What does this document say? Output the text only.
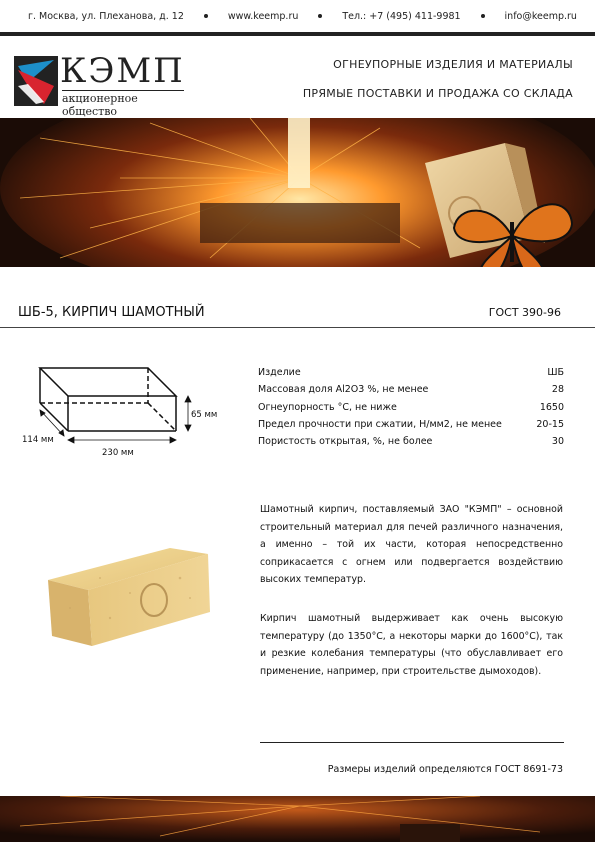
г. Москва, ул. Плеханова, д. 12	www.keemp.ru	Тел.: +7 (495) 411-9981	info@keemp.ru
КЭМП
акционерное общество
ОГНЕУПОРНЫЕ ИЗДЕЛИЯ И МАТЕРИАЛЫ
ПРЯМЫЕ ПОСТАВКИ И ПРОДАЖА СО СКЛАДА
ШБ-5, КИРПИЧ ШАМОТНЫЙ	ГОСТ 390-96
65 мм
114 мм
230 мм
Изделие	ШБ
Массовая доля Al2O3 %, не менее	28
Огнеупорность °С, не ниже	1650
Предел прочности при сжатии, Н/мм2, не менее	20-15
Пористость открытая, %, не более	30
Шамотный кирпич, поставляемый ЗАО "КЭМП" – основной строительный материал для печей различного назначения, а именно – той их части, которая непосредственно соприкасается с огнем или подвергается воздействию высоких температур.
Кирпич шамотный выдерживает как очень высокую температуру (до 1350°С, а некоторы марки до 1600°С), так и резкие колебания температуры (что обуславливает его применение, например, при строительстве дымоходов).
Размеры изделий определяются ГОСТ 8691-73
